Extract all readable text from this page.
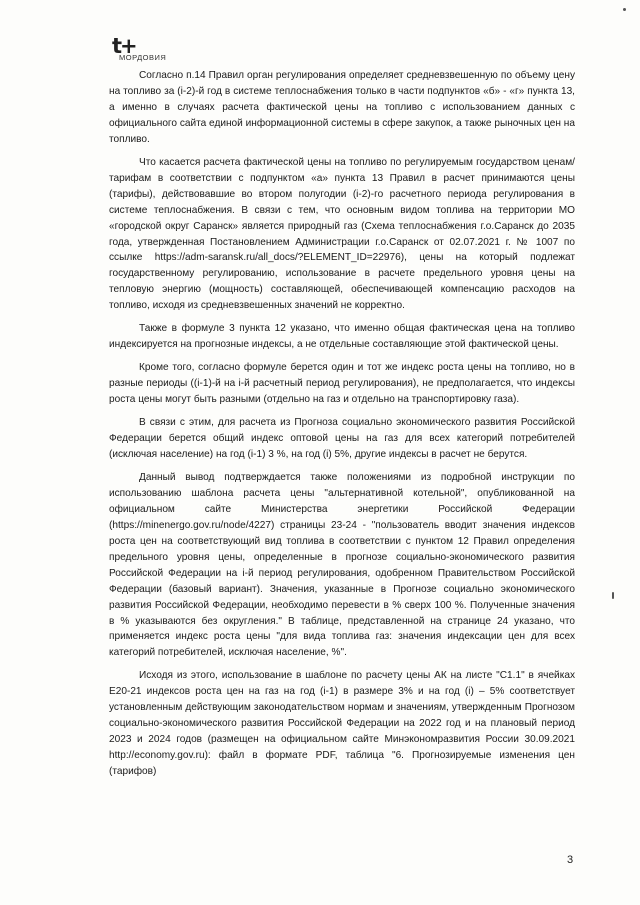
t+
МОРДОВИЯ

Согласно п.14 Правил орган регулирования определяет средневзвешенную по объему цену на топливо за (i-2)-й год в системе теплоснабжения только в части подпунктов «б» - «г» пункта 13, а именно в случаях расчета фактической цены на топливо с использованием данных с официального сайта единой информационной системы в сфере закупок, а также рыночных цен на топливо.

Что касается расчета фактической цены на топливо по регулируемым государством ценам/тарифам в соответствии с подпунктом «а» пункта 13 Правил в расчет принимаются цены (тарифы), действовавшие во втором полугодии (i-2)-го расчетного периода регулирования в системе теплоснабжения. В связи с тем, что основным видом топлива на территории МО «городской округ Саранск» является природный газ (Схема теплоснабжения г.о.Саранск до 2035 года, утвержденная Постановлением Администрации г.о.Саранск от 02.07.2021 г. № 1007 по ссылке https://adm-saransk.ru/all_docs/?ELEMENT_ID=22976), цены на который подлежат государственному регулированию, использование в расчете предельного уровня цены на тепловую энергию (мощность) составляющей, обеспечивающей компенсацию расходов на топливо, исходя из средневзвешенных значений не корректно.

Также в формуле 3 пункта 12 указано, что именно общая фактическая цена на топливо индексируется на прогнозные индексы, а не отдельные составляющие этой фактической цены.

Кроме того, согласно формуле берется один и тот же индекс роста цены на топливо, но в разные периоды ((i-1)-й на i-й расчетный период регулирования), не предполагается, что индексы роста цены могут быть разными (отдельно на газ и отдельно на транспортировку газа).

В связи с этим, для расчета из Прогноза социально экономического развития Российской Федерации берется общий индекс оптовой цены на газ для всех категорий потребителей (исключая население) на год (i-1) 3 %, на год (i) 5%, другие индексы в расчет не берутся.

Данный вывод подтверждается также положениями из подробной инструкции по использованию шаблона расчета цены "альтернативной котельной", опубликованной на официальном сайте Министерства энергетики Российской Федерации (https://minenergo.gov.ru/node/4227) страницы 23-24 - "пользователь вводит значения индексов роста цен на соответствующий вид топлива в соответствии с пунктом 12 Правил определения предельного уровня цены, определенные в прогнозе социально-экономического развития Российской Федерации на i-й период регулирования, одобренном Правительством Российской Федерации (базовый вариант). Значения, указанные в Прогнозе социально экономического развития Российской Федерации, необходимо перевести в % сверх 100 %. Полученные значения в % указываются без округления." В таблице, представленной на странице 24 указано, что применяется индекс роста цены "для вида топлива газ: значения индексации цен для всех категорий потребителей, исключая население, %".

Исходя из этого, использование в шаблоне по расчету цены АК на листе "С1.1" в ячейках E20-21 индексов роста цен на газ на год (i-1) в размере 3% и на год (i) – 5% соответствует установленным действующим законодательством нормам и значениям, утвержденным Прогнозом социально-экономического развития Российской Федерации на 2022 год и на плановый период 2023 и 2024 годов (размещен на официальном сайте Минэкономразвития России 30.09.2021 http://economy.gov.ru): файл в формате PDF, таблица "6. Прогнозируемые изменения цен (тарифов)

3
